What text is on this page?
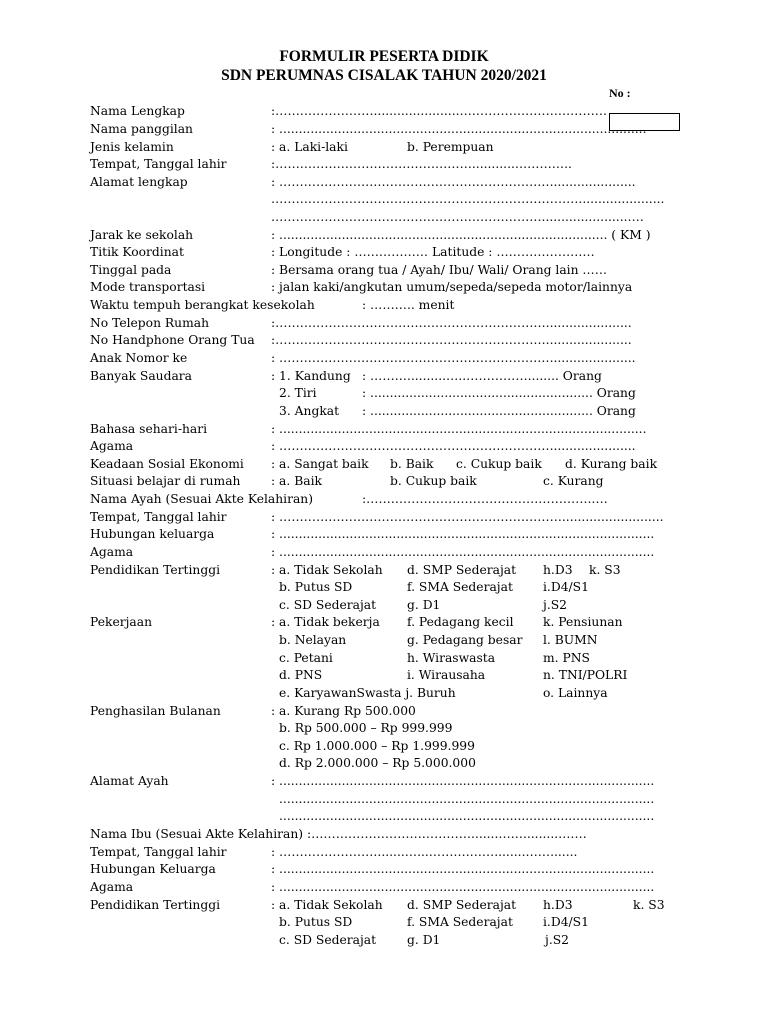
FORMULIR PESERTA DIDIK
SDN PERUMNAS CISALAK TAHUN 2020/2021
No :
Nama Lengkap	:……………………......................………………………………
Nama panggilan	: ..............................................................................................
Jenis kelamin	: a. Laki-laki	b. Perempuan
Tempat, Tanggal lahir	:…………………………………………...........…………..
Alamat lengkap	: …………………………………………………………......................
…………………………………………………………………......................
…………………………………………………………......................….
Jarak ke sekolah	: .................................................................................... ( KM )
Titik Koordinat	: Longitude : ……………… Latitude : ……………………
Tinggal pada	: Bersama orang tua / Ayah/ Ibu/ Wali/ Orang lain ……
Mode transportasi	: jalan kaki/angkutan umum/sepeda/sepeda motor/lainnya
Waktu tempuh berangkat kesekolah	: ……….. menit
No Telepon Rumah	:…………………………………………………………......................
No Handphone Orang Tua :…………………………………………………………......................
Anak Nomor ke	: …………………………………………………………......................
Banyak Saudara	: 1. Kandung : ………..........…..……………........ Orang
2. Tiri	: ......................................................... Orang
3. Angkat : ......................................................... Orang
Bahasa sehari-hari	: ..............................................................................................
Agama	: …………………………………………………………......................
Keadaan Sosial Ekonomi : a. Sangat baik b. Baik c. Cukup baik d. Kurang baik
Situasi belajar di rumah : a. Baik	b. Cukup baik	c. Kurang
Nama Ayah (Sesuai Akte Kelahiran)	:……………………………………………….….
Tempat, Tanggal lahir	: ……………………………………………………………..........................
Hubungan keluarga	: ................................................................................................
Agama	: ................................................................................................
Pendidikan Tertinggi	: a. Tidak Sekolah d. SMP Sederajat h.D3 k. S3
b. Putus SD	f. SMA Sederajat i.D4/S1
c. SD Sederajat	g. D1	j.S2
Pekerjaan	: a. Tidak bekerja f. Pedagang kecil k. Pensiunan
b. Nelayan	g. Pedagang besar l. BUMN
c. Petani	h. Wiraswasta	m. PNS
d. PNS	i. Wirausaha	n. TNI/POLRI
e. KaryawanSwasta j. Buruh	o. Lainnya
Penghasilan Bulanan	: a. Kurang Rp 500.000
b. Rp 500.000 – Rp 999.999
c. Rp 1.000.000 – Rp 1.999.999
d. Rp 2.000.000 – Rp 5.000.000
Alamat Ayah	: ................................................................................................
................................................................................................
................................................................................................
Nama Ibu (Sesuai Akte Kelahiran) :………………………………….......…….........…….
Tempat, Tanggal lahir	: …………………….......…...……….……........…….......
Hubungan Keluarga	: ................................................................................................
Agama	: ................................................................................................
Pendidikan Tertinggi	: a. Tidak Sekolah d. SMP Sederajat h.D3	k. S3
b. Putus SD	f. SMA Sederajat i.D4/S1
c. SD Sederajat	g. D1	j.S2
